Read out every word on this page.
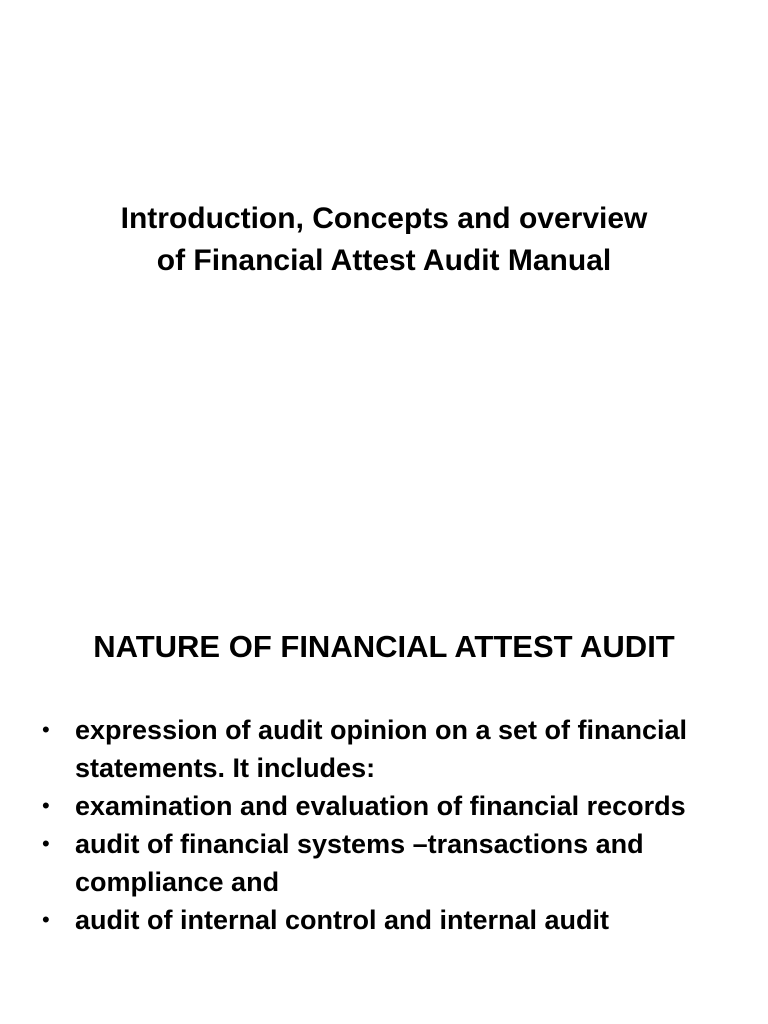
Introduction, Concepts and overview
of Financial Attest Audit Manual
NATURE OF FINANCIAL ATTEST AUDIT
• expression of audit opinion on a set of financial statements. It includes:
• examination and evaluation of financial records
• audit of financial systems –transactions and compliance and
• audit of internal control and internal audit
